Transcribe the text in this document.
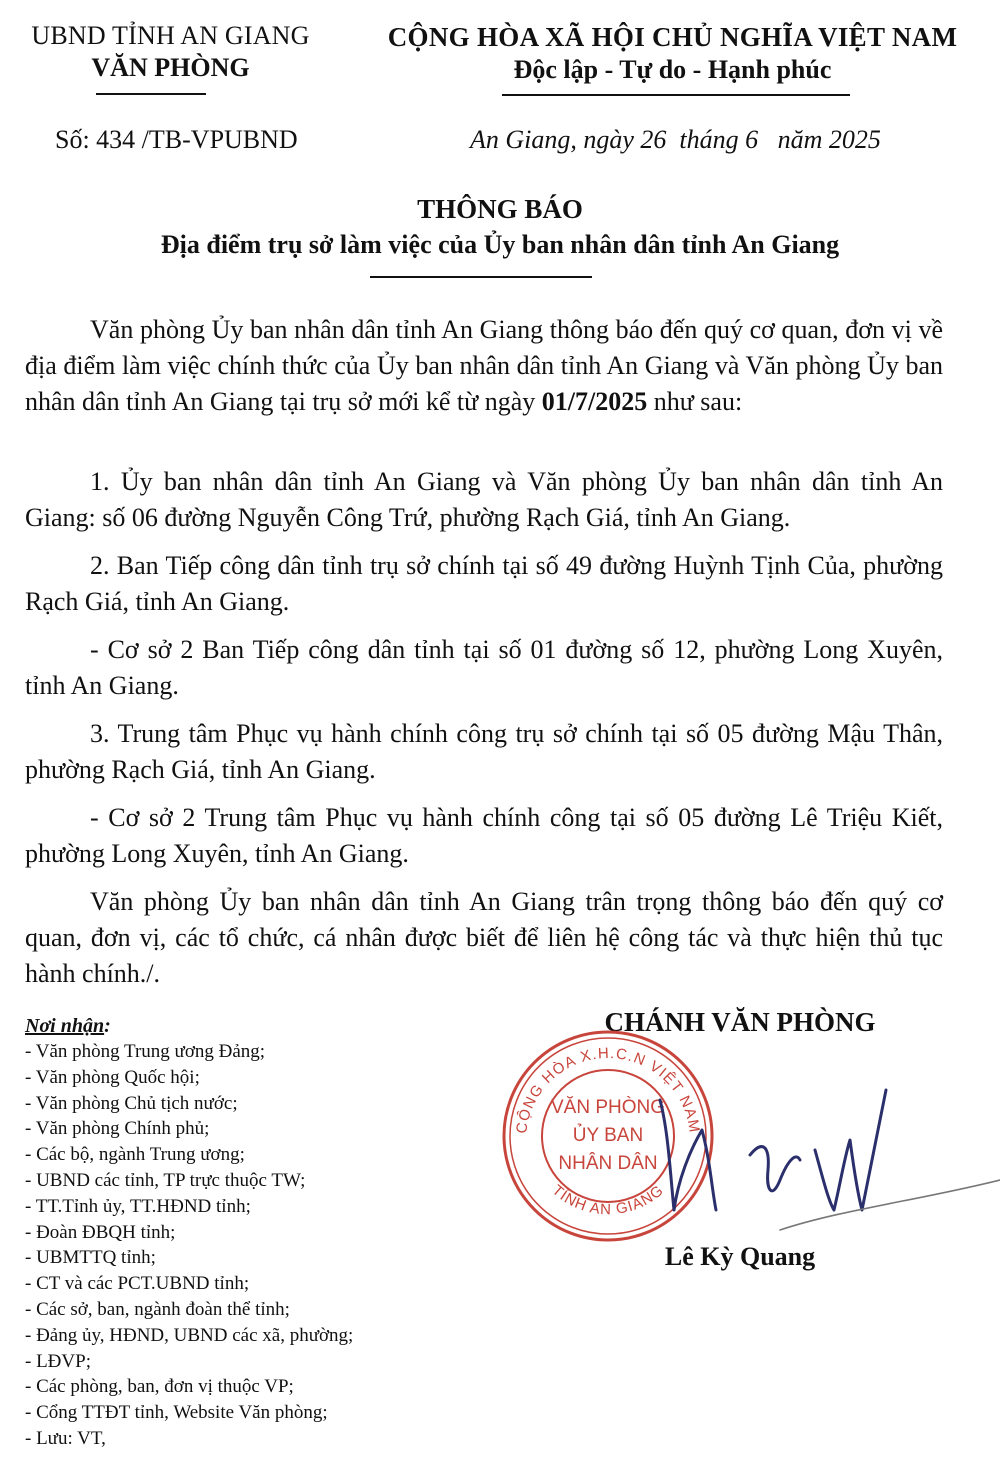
UBND TỈNH AN GIANG
VĂN PHÒNG
CỘNG HÒA XÃ HỘI CHỦ NGHĨA VIỆT NAM
Độc lập - Tự do - Hạnh phúc
Số: 434 /TB-VPUBND	An Giang, ngày 26  tháng 6   năm 2025
THÔNG BÁO
Địa điểm trụ sở làm việc của Ủy ban nhân dân tỉnh An Giang
Văn phòng Ủy ban nhân dân tỉnh An Giang thông báo đến quý cơ quan, đơn vị về địa điểm làm việc chính thức của Ủy ban nhân dân tỉnh An Giang và Văn phòng Ủy ban nhân dân tỉnh An Giang tại trụ sở mới kể từ ngày 01/7/2025 như sau:
1. Ủy ban nhân dân tỉnh An Giang và Văn phòng Ủy ban nhân dân tỉnh An Giang: số 06 đường Nguyễn Công Trứ, phường Rạch Giá, tỉnh An Giang.
2. Ban Tiếp công dân tỉnh trụ sở chính tại số 49 đường Huỳnh Tịnh Của, phường Rạch Giá, tỉnh An Giang.
- Cơ sở 2 Ban Tiếp công dân tỉnh tại số 01 đường số 12, phường Long Xuyên, tỉnh An Giang.
3. Trung tâm Phục vụ hành chính công trụ sở chính tại số 05 đường Mậu Thân, phường Rạch Giá, tỉnh An Giang.
- Cơ sở 2 Trung tâm Phục vụ hành chính công tại số 05 đường Lê Triệu Kiết, phường Long Xuyên, tỉnh An Giang.
Văn phòng Ủy ban nhân dân tỉnh An Giang trân trọng thông báo đến quý cơ quan, đơn vị, các tổ chức, cá nhân được biết để liên hệ công tác và thực hiện thủ tục hành chính./.
Nơi nhận:
- Văn phòng Trung ương Đảng;
- Văn phòng Quốc hội;
- Văn phòng Chủ tịch nước;
- Văn phòng Chính phủ;
- Các bộ, ngành Trung ương;
- UBND các tỉnh, TP trực thuộc TW;
- TT.Tỉnh ủy, TT.HĐND tỉnh;
- Đoàn ĐBQH tỉnh;
- UBMTTQ tỉnh;
- CT và các PCT.UBND tỉnh;
- Các sở, ban, ngành đoàn thể tỉnh;
- Đảng ủy, HĐND, UBND các xã, phường;
- LĐVP;
- Các phòng, ban, đơn vị thuộc VP;
- Cổng TTĐT tỉnh, Website Văn phòng;
- Lưu: VT,
CHÁNH VĂN PHÒNG
CỘNG HÒA X.H.C.N VIỆT NAM
TỈNH AN GIANG
VĂN PHÒNG
ỦY BAN
NHÂN DÂN
Lê Kỳ Quang
